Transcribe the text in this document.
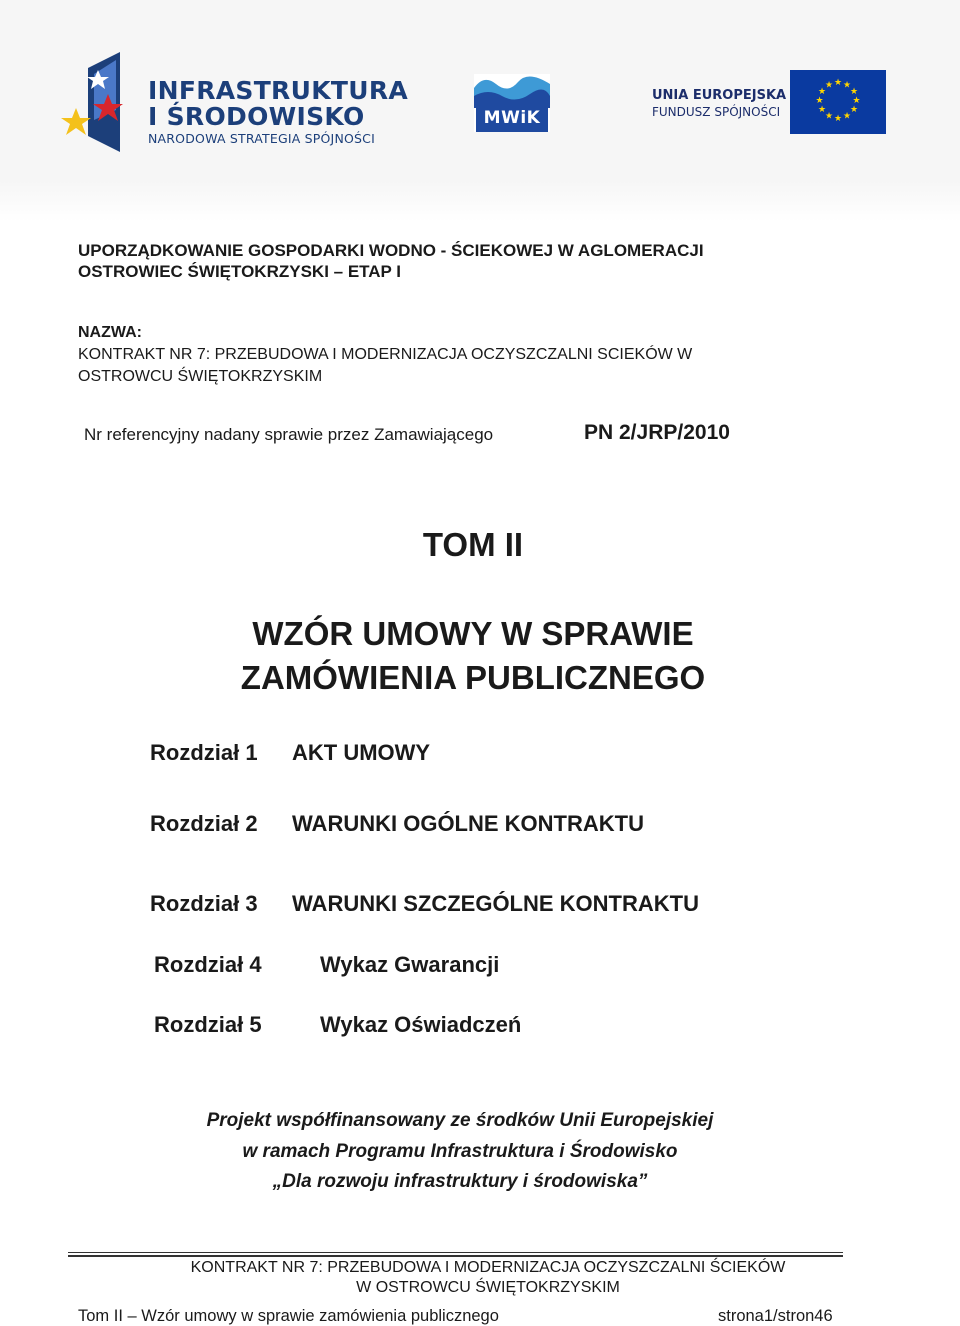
INFRASTRUKTURA
I ŚRODOWISKO
NARODOWA STRATEGIA SPÓJNOŚCI
MWiK
UNIA EUROPEJSKA
FUNDUSZ SPÓJNOŚCI
★ ★
★
★
★
★
★
★
★
★
★
★
UPORZĄDKOWANIE GOSPODARKI WODNO - ŚCIEKOWEJ W AGLOMERACJI
OSTROWIEC ŚWIĘTOKRZYSKI – ETAP I
NAZWA:
KONTRAKT NR 7: PRZEBUDOWA I MODERNIZACJA OCZYSZCZALNI SCIEKÓW W
OSTROWCU ŚWIĘTOKRZYSKIM
Nr referencyjny nadany sprawie przez Zamawiającego	PN 2/JRP/2010
TOM II
WZÓR UMOWY W SPRAWIE
ZAMÓWIENIA PUBLICZNEGO
Rozdział 1 AKT UMOWY
Rozdział 2 WARUNKI OGÓLNE KONTRAKTU
Rozdział 3 WARUNKI SZCZEGÓLNE KONTRAKTU
Rozdział 4	Wykaz Gwarancji
Rozdział 5	Wykaz Oświadczeń
Projekt współfinansowany ze środków Unii Europejskiej
w ramach Programu Infrastruktura i Środowisko
„Dla rozwoju infrastruktury i środowiska”
KONTRAKT NR 7: PRZEBUDOWA I MODERNIZACJA OCZYSZCZALNI ŚCIEKÓW
W OSTROWCU ŚWIĘTOKRZYSKIM
Tom II – Wzór umowy w sprawie zamówienia publicznego	strona1/stron46
